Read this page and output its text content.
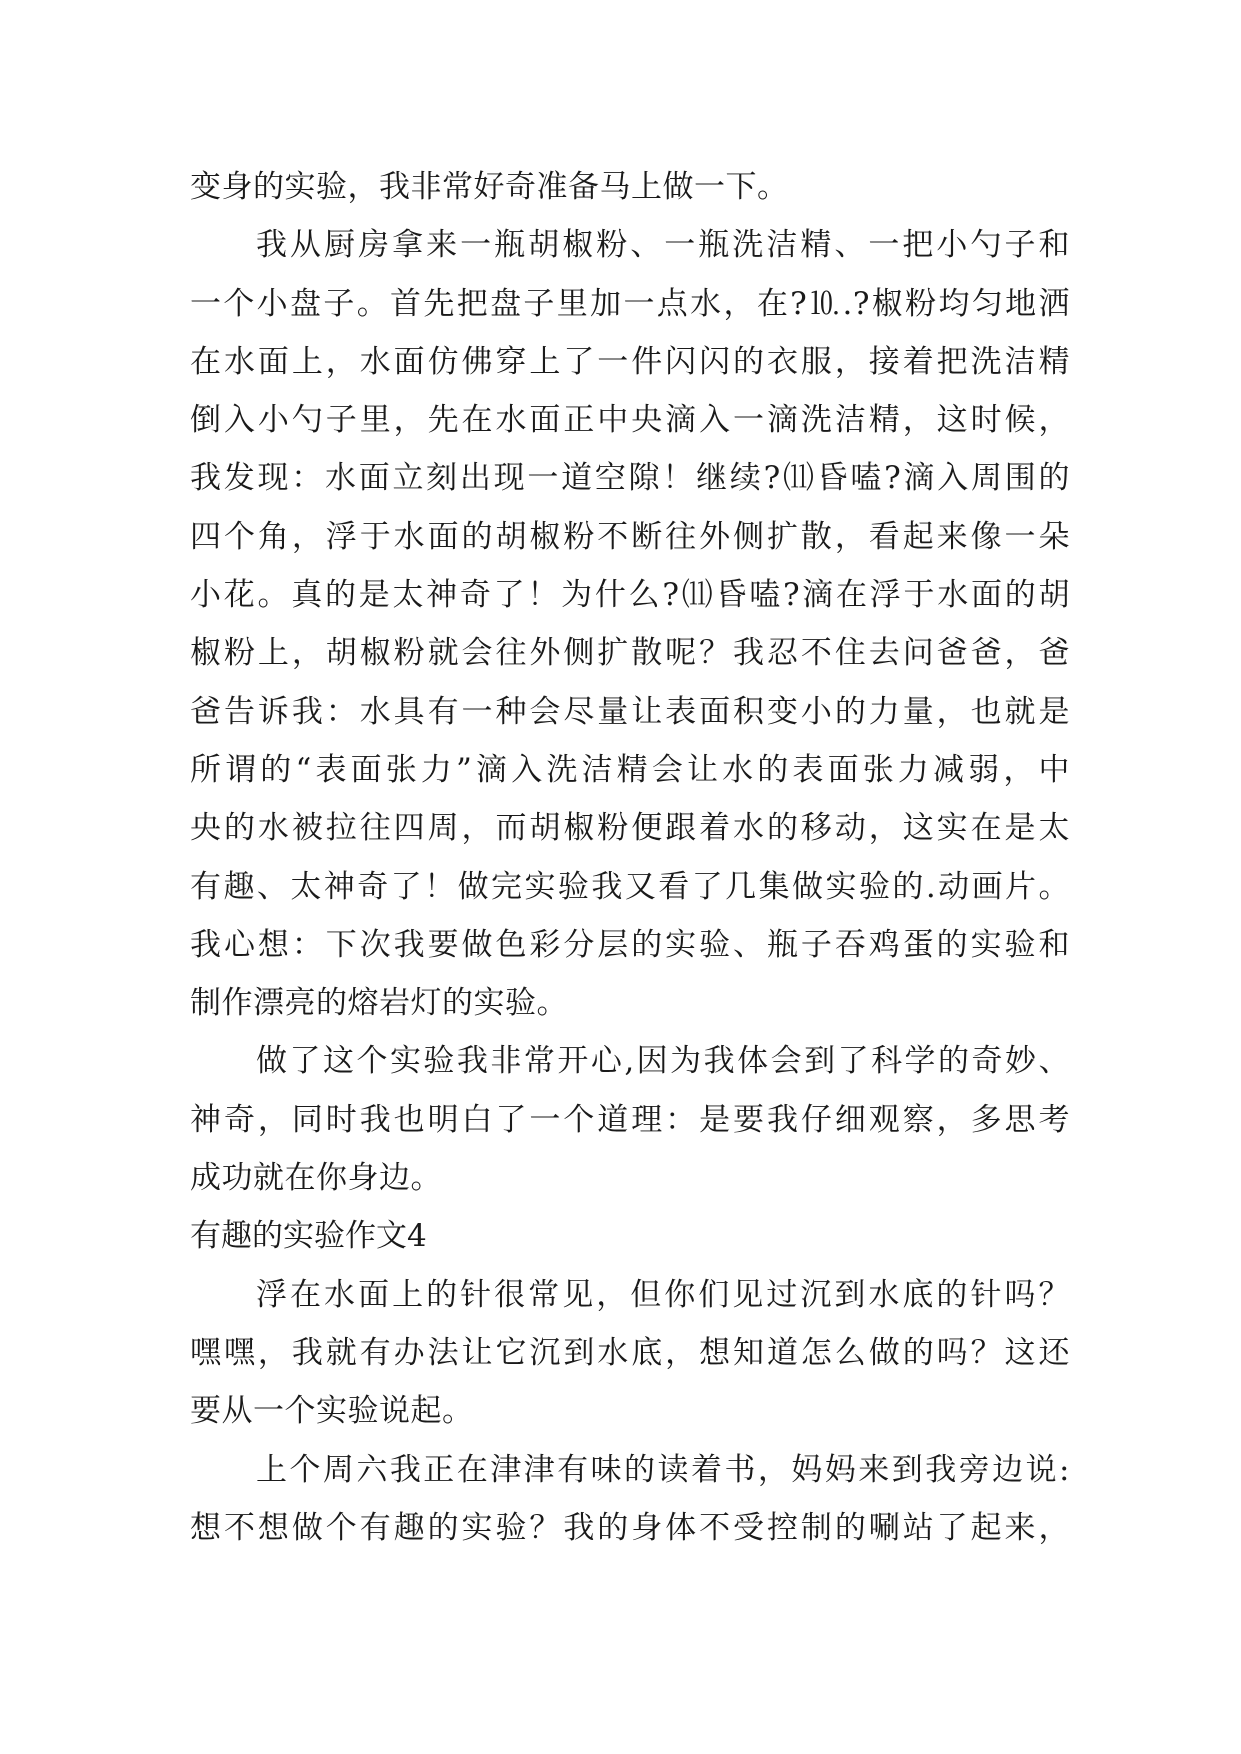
变身的实验，我非常好奇准备马上做一下。
我从厨房拿来一瓶胡椒粉、一瓶洗洁精、一把小勺子和
一个小盘子。首先把盘子里加一点水，在?⒑.?椒粉均匀地洒
在水面上，水面仿佛穿上了一件闪闪的衣服，接着把洗洁精
倒入小勺子里，先在水面正中央滴入一滴洗洁精，这时候，
我发现：水面立刻出现一道空隙！继续?⑾昏嗑?滴入周围的
四个角，浮于水面的胡椒粉不断往外侧扩散，看起来像一朵
小花。真的是太神奇了！为什么?⑾昏嗑?滴在浮于水面的胡
椒粉上，胡椒粉就会往外侧扩散呢？我忍不住去问爸爸，爸
爸告诉我：水具有一种会尽量让表面积变小的力量，也就是
所谓的“表面张力”滴入洗洁精会让水的表面张力减弱，中
央的水被拉往四周，而胡椒粉便跟着水的移动，这实在是太
有趣、太神奇了！做完实验我又看了几集做实验的.动画片。
我心想：下次我要做色彩分层的实验、瓶子吞鸡蛋的实验和
制作漂亮的熔岩灯的实验。
做了这个实验我非常开心,因为我体会到了科学的奇妙、
神奇，同时我也明白了一个道理：是要我仔细观察，多思考
成功就在你身边。
有趣的实验作文4
浮在水面上的针很常见，但你们见过沉到水底的针吗？
嘿嘿，我就有办法让它沉到水底，想知道怎么做的吗？这还
要从一个实验说起。
上个周六我正在津津有味的读着书，妈妈来到我旁边说:
想不想做个有趣的实验？我的身体不受控制的唰站了起来，
